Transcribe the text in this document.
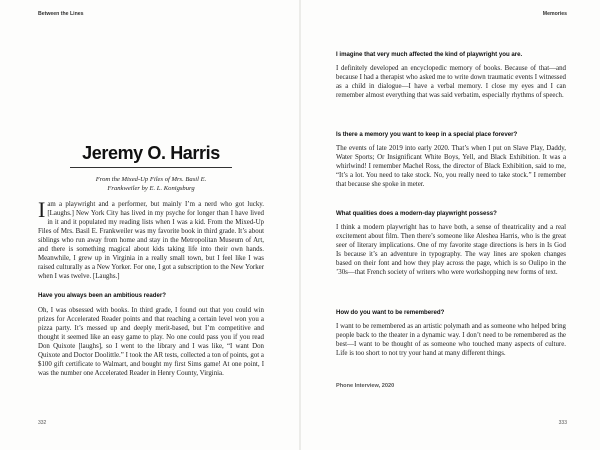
Between the Lines
Jeremy O. Harris
From the Mixed-Up Files of Mrs. Basil E.
Frankweiler by E. L. Konigsburg
I am a playwright and a performer, but mainly I’m a nerd who got lucky. [Laughs.] New York City has lived in my psyche for longer than I have lived in it and it populated my reading lists when I was a kid. From the Mixed-Up Files of Mrs. Basil E. Frankweiler was my favorite book in third grade. It’s about siblings who run away from home and stay in the Metropolitan Museum of Art, and there is something magical about kids taking life into their own hands. Meanwhile, I grew up in Virginia in a really small town, but I feel like I was raised culturally as a New Yorker. For one, I got a subscription to the New Yorker when I was twelve. [Laughs.]
Have you always been an ambitious reader?
Oh, I was obsessed with books. In third grade, I found out that you could win prizes for Accelerated Reader points and that reaching a certain level won you a pizza party. It’s messed up and deeply merit-based, but I’m competitive and thought it seemed like an easy game to play. No one could pass you if you read Don Quixote [laughs], so I went to the library and I was like, “I want Don Quixote and Doctor Doolittle.” I took the AR tests, collected a ton of points, got a $100 gift certificate to Walmart, and bought my first Sims game! At one point, I was the number one Accelerated Reader in Henry County, Virginia.
332
Memories
333
I imagine that very much affected the kind of playwright you are.
I definitely developed an encyclopedic memory of books. Because of that—and because I had a therapist who asked me to write down traumatic events I witnessed as a child in dialogue—I have a verbal memory. I close my eyes and I can remember almost everything that was said verbatim, especially rhythms of speech.
Is there a memory you want to keep in a special place forever?
The events of late 2019 into early 2020. That’s when I put on Slave Play, Daddy, Water Sports; Or Insignificant White Boys, Yell, and Black Exhibition. It was a whirlwind! I remember Machel Ross, the director of Black Exhibition, said to me, “It’s a lot. You need to take stock. No, you really need to take stock.” I remember that because she spoke in meter.
What qualities does a modern-day playwright possess?
I think a modern playwright has to have both, a sense of theatricality and a real excitement about film. Then there’s someone like Aleshea Harris, who is the great seer of literary implications. One of my favorite stage directions is hers in Is God Is because it’s an adventure in typography. The way lines are spoken changes based on their font and how they play across the page, which is so Oulipo in the ’30s—that French society of writers who were workshopping new forms of text.
How do you want to be remembered?
I want to be remembered as an artistic polymath and as someone who helped bring people back to the theater in a dynamic way. I don’t need to be remembered as the best—I want to be thought of as someone who touched many aspects of culture. Life is too short to not try your hand at many different things.
Phone Interview, 2020
